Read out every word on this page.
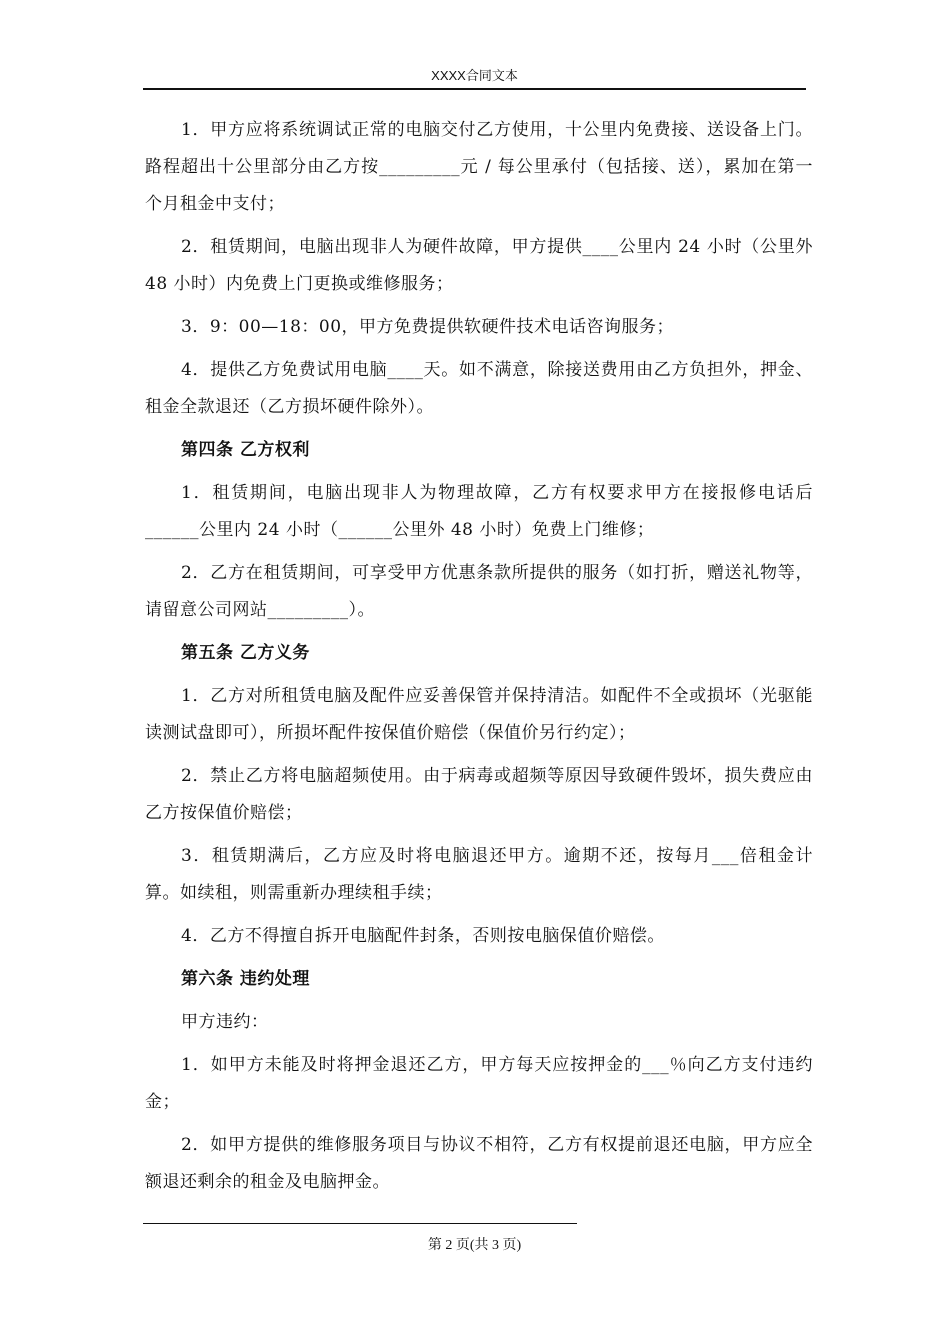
XXXX合同文本

1．甲方应将系统调试正常的电脑交付乙方使用，十公里内免费接、送设备上门。路程超出十公里部分由乙方按_________元 / 每公里承付（包括接、送），累加在第一个月租金中支付；

2．租赁期间，电脑出现非人为硬件故障，甲方提供____公里内 24 小时（公里外 48 小时）内免费上门更换或维修服务；

3．9：00—18：00，甲方免费提供软硬件技术电话咨询服务；

4．提供乙方免费试用电脑____天。如不满意，除接送费用由乙方负担外，押金、租金全款退还（乙方损坏硬件除外）。

第四条 乙方权利

1．租赁期间，电脑出现非人为物理故障，乙方有权要求甲方在接报修电话后______公里内 24 小时（______公里外 48 小时）免费上门维修；

2．乙方在租赁期间，可享受甲方优惠条款所提供的服务（如打折，赠送礼物等，请留意公司网站_________）。

第五条 乙方义务

1．乙方对所租赁电脑及配件应妥善保管并保持清洁。如配件不全或损坏（光驱能读测试盘即可），所损坏配件按保值价赔偿（保值价另行约定）；

2．禁止乙方将电脑超频使用。由于病毒或超频等原因导致硬件毁坏，损失费应由乙方按保值价赔偿；

3．租赁期满后，乙方应及时将电脑退还甲方。逾期不还，按每月___倍租金计算。如续租，则需重新办理续租手续；

4．乙方不得擅自拆开电脑配件封条，否则按电脑保值价赔偿。

第六条 违约处理

甲方违约：

1．如甲方未能及时将押金退还乙方，甲方每天应按押金的___％向乙方支付违约金；

2．如甲方提供的维修服务项目与协议不相符，乙方有权提前退还电脑，甲方应全额退还剩余的租金及电脑押金。

第 2 页(共 3 页)
